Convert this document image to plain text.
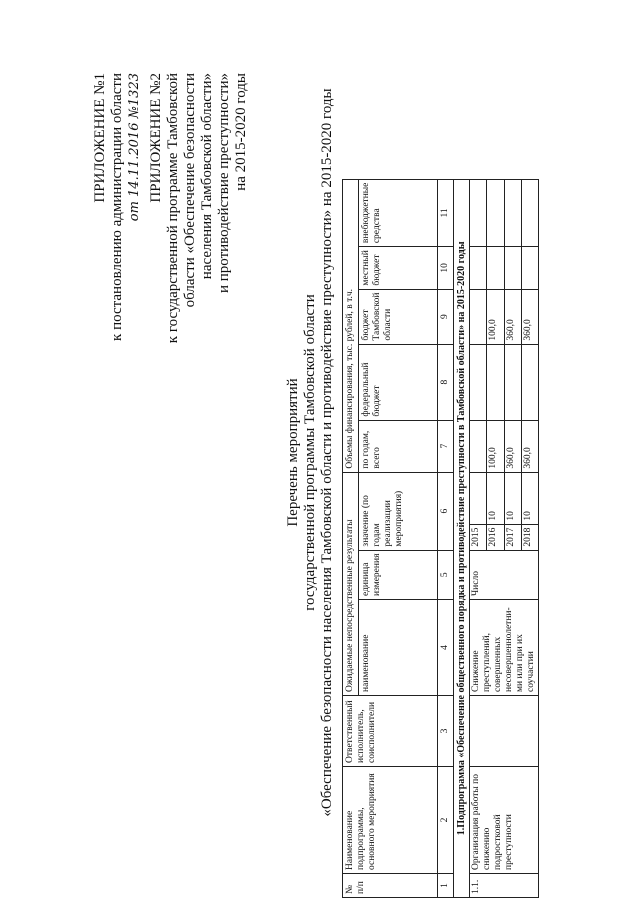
ПРИЛОЖЕНИЕ №1 к постановлению администрации области от 14.11.2016 №1323 ПРИЛОЖЕНИЕ №2 к государственной программе Тамбовской области «Обеспечение безопасности населения Тамбовской области» и противодействие преступности» на 2015-2020 годы
Перечень мероприятий государственной программы Тамбовской области «Обеспечение безопасности населения Тамбовской области и противодействие преступности» на 2015-2020 годы
№ п/п	Наименование подпрограммы, основного мероприятия	Ответственный исполнитель, соисполнители	Ожидаемые непосредственные результаты				Объемы финансирования, тыс. рублей, в т.ч.				
			наименование	единица измерения	значение (по годам реализации мероприятия)		по годам, всего	федеральный бюджет	бюджет Тамбовской области	местный бюджет	внебюджетные средства
1	2	3	4	5	6		7	8	9	10	11
1.Подпрограмма «Обеспечение общественного порядка и противодействие преступности в Тамбовской области» на 2015-2020 годы											
1.1.	Организация работы по снижению подростковой преступности		Снижение преступлений, совершенных несовершеннолетни-ми или при их соучастии	Число	2015						
					2016	10	100,0		100,0		
					2017	10	360,0		360,0		
					2018	10	360,0		360,0		
